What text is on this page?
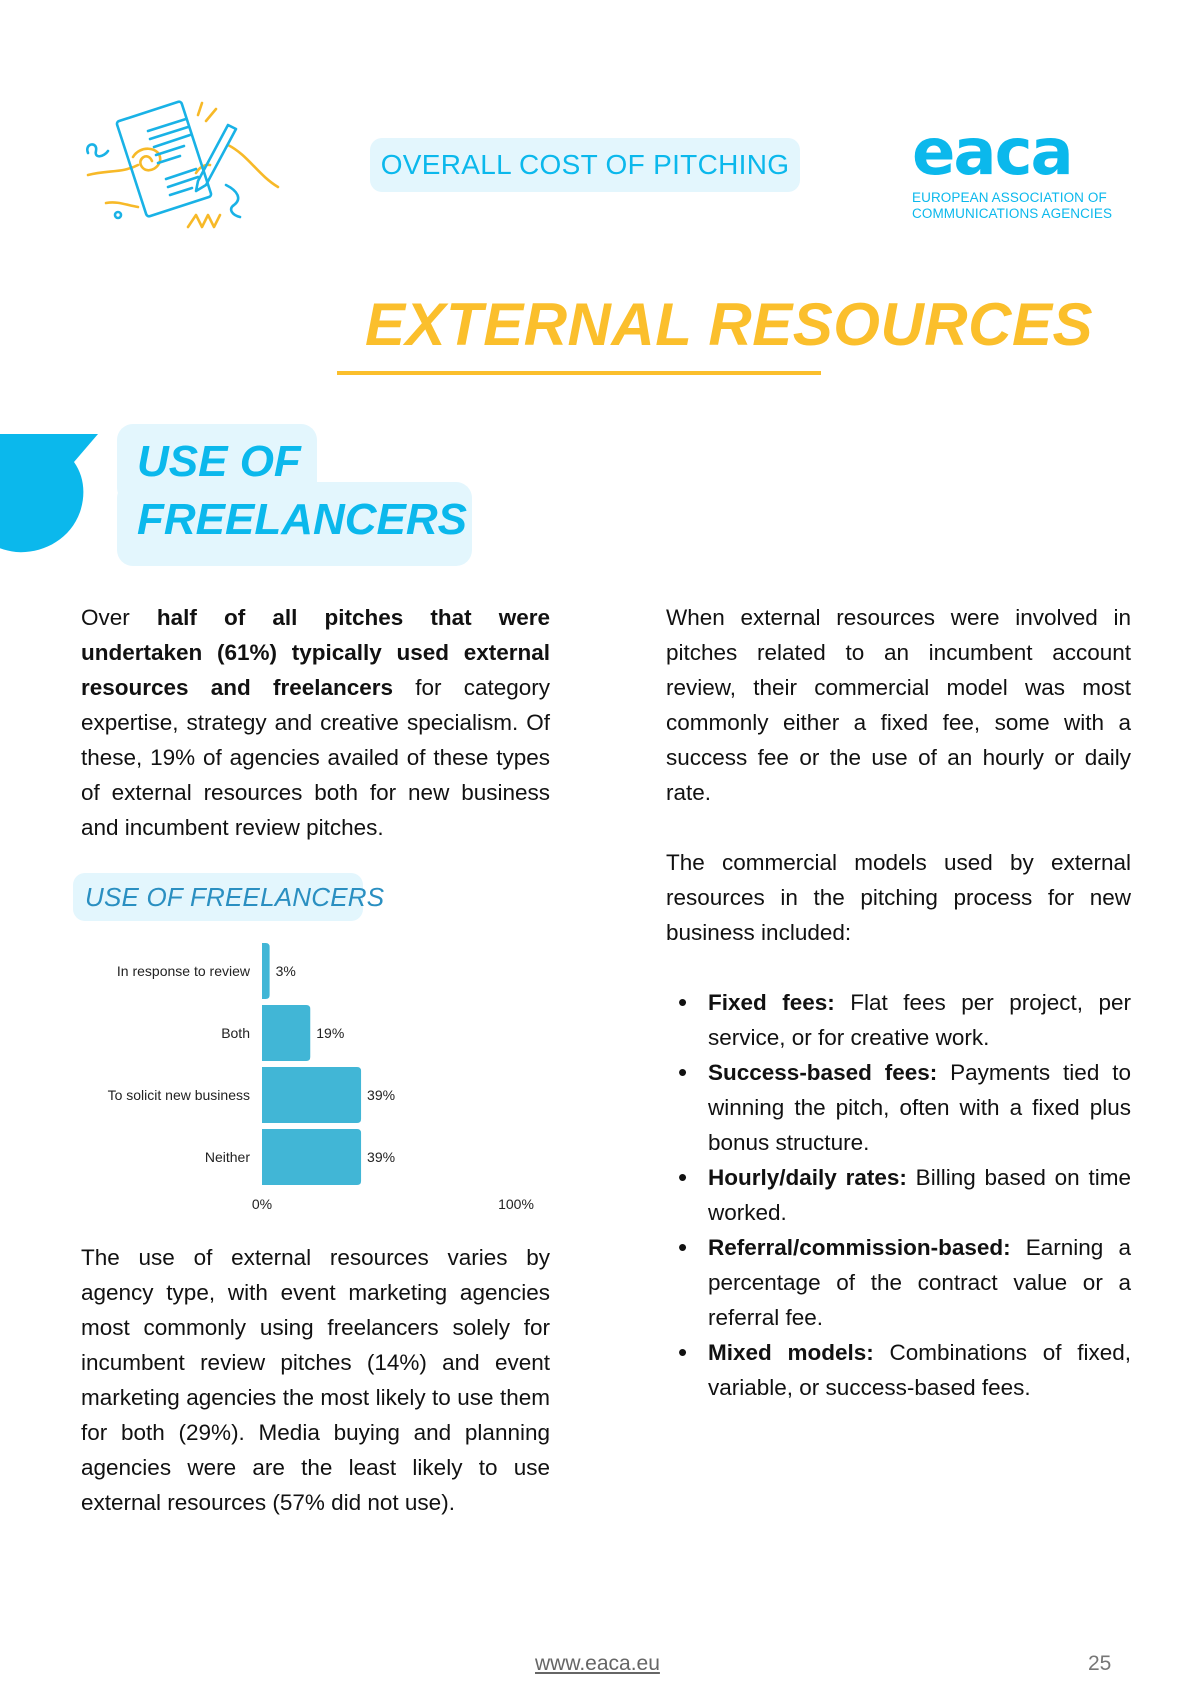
OVERALL COST OF PITCHING eaca
EUROPEAN ASSOCIATION OF
COMMUNICATIONS AGENCIES
EXTERNAL RESOURCES
USE OF
FREELANCERS

Over half of all pitches that were undertaken (61%) typically used external resources and freelancers for category expertise, strategy and creative specialism. Of these, 19% of agencies availed of these types of external resources both for new business and incumbent review pitches.

USE OF FREELANCERS
In response to review 3%
Both	19%
To solicit new business	39%
Neither	39%
0%	100%

The use of external resources varies by agency type, with event marketing agencies most commonly using freelancers solely for incumbent review pitches (14%) and event marketing agencies the most likely to use them for both (29%). Media buying and planning agencies were are the least likely to use external resources (57% did not use).

When external resources were involved in pitches related to an incumbent account review, their commercial model was most commonly either a fixed fee, some with a success fee or the use of an hourly or daily rate.

The commercial models used by external resources in the pitching process for new business included:

• Fixed fees: Flat fees per project, per service, or for creative work.
• Success-based fees: Payments tied to winning the pitch, often with a fixed plus bonus structure.
• Hourly/daily rates: Billing based on time worked.
• Referral/commission-based: Earning a percentage of the contract value or a referral fee.
• Mixed models: Combinations of fixed, variable, or success-based fees.
www.eaca.eu	25
